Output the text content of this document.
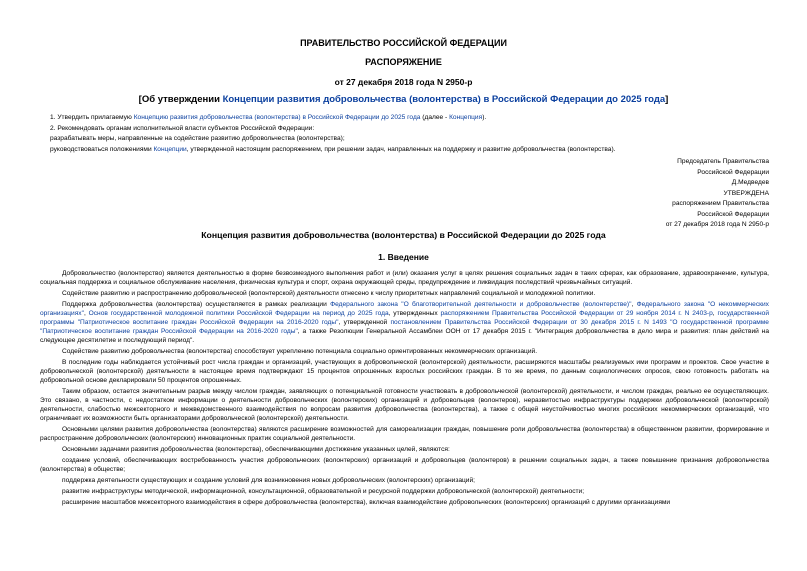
ПРАВИТЕЛЬСТВО РОССИЙСКОЙ ФЕДЕРАЦИИ
РАСПОРЯЖЕНИЕ
от 27 декабря 2018 года N 2950-р
[Об утверждении Концепции развития добровольчества (волонтерства) в Российской Федерации до 2025 года]
1. Утвердить прилагаемую Концепцию развития добровольчества (волонтерства) в Российской Федерации до 2025 года (далее - Концепция).
2. Рекомендовать органам исполнительной власти субъектов Российской Федерации:
разрабатывать меры, направленные на содействие развитию добровольчества (волонтерства);
руководствоваться положениями Концепции, утвержденной настоящим распоряжением, при решении задач, направленных на поддержку и развитие добровольчества (волонтерства).
Председатель Правительства
Российской Федерации
Д.Медведев
УТВЕРЖДЕНА
распоряжением Правительства
Российской Федерации
от 27 декабря 2018 года N 2950-р
Концепция развития добровольчества (волонтерства) в Российской Федерации до 2025 года
1. Введение

Добровольчество (волонтерство) является деятельностью в форме безвозмездного выполнения работ и (или) оказания услуг в целях решения социальных задач в таких сферах, как образование, здравоохранение, культура, социальная поддержка и социальное обслуживание населения, физическая культура и спорт, охрана окружающей среды, предупреждение и ликвидация последствий чрезвычайных ситуаций.

Содействие развитию и распространению добровольческой (волонтерской) деятельности отнесено к числу приоритетных направлений социальной и молодежной политики.

Поддержка добровольчества (волонтерства) осуществляется в рамках реализации Федерального закона "О благотворительной деятельности и добровольчестве (волонтерстве)", Федерального закона "О некоммерческих организациях", Основ государственной молодежной политики Российской Федерации на период до 2025 года, утвержденных распоряжением Правительства Российской Федерации от 29 ноября 2014 г. N 2403-р, государственной программы "Патриотическое воспитание граждан Российской Федерации на 2016-2020 годы", утвержденной постановлением Правительства Российской Федерации от 30 декабря 2015 г. N 1493 "О государственной программе "Патриотическое воспитание граждан Российской Федерации на 2016-2020 годы", а также Резолюции Генеральной Ассамблеи ООН от 17 декабря 2015 г. "Интеграция добровольчества в дело мира и развития: план действий на следующее десятилетие и последующий период".

Содействие развитию добровольчества (волонтерства) способствует укреплению потенциала социально ориентированных некоммерческих организаций.

В последние годы наблюдается устойчивый рост числа граждан и организаций, участвующих в добровольческой (волонтерской) деятельности, расширяются масштабы реализуемых ими программ и проектов. Свое участие в добровольческой (волонтерской) деятельности в настоящее время подтверждают 15 процентов опрошенных взрослых российских граждан. В то же время, по данным социологических опросов, свою готовность работать на добровольной основе декларировали 50 процентов опрошенных.

Таким образом, остается значительным разрыв между числом граждан, заявляющих о потенциальной готовности участвовать в добровольческой (волонтерской) деятельности, и числом граждан, реально ее осуществляющих. Это связано, в частности, с недостатком информации о деятельности добровольческих (волонтерских) организаций и добровольцев (волонтеров), неразвитостью инфраструктуры поддержки добровольческой (волонтерской) деятельности, слабостью межсекторного и межведомственного взаимодействия по вопросам развития добровольчества (волонтерства), а также с общей неустойчивостью многих российских некоммерческих организаций, что ограничивает их возможности быть организаторами добровольческой (волонтерской) деятельности.

Основными целями развития добровольчества (волонтерства) являются расширение возможностей для самореализации граждан, повышение роли добровольчества (волонтерства) в общественном развитии, формирование и распространение добровольческих (волонтерских) инновационных практик социальной деятельности.

Основными задачами развития добровольчества (волонтерства), обеспечивающими достижение указанных целей, являются:

создание условий, обеспечивающих востребованность участия добровольческих (волонтерских) организаций и добровольцев (волонтеров) в решении социальных задач, а также повышение признания добровольчества (волонтерства) в обществе;

поддержка деятельности существующих и создание условий для возникновения новых добровольческих (волонтерских) организаций;

развитие инфраструктуры методической, информационной, консультационной, образовательной и ресурсной поддержки добровольческой (волонтерской) деятельности;

расширение масштабов межсекторного взаимодействия в сфере добровольчества (волонтерства), включая взаимодействие добровольческих (волонтерских) организаций с другими организациями
